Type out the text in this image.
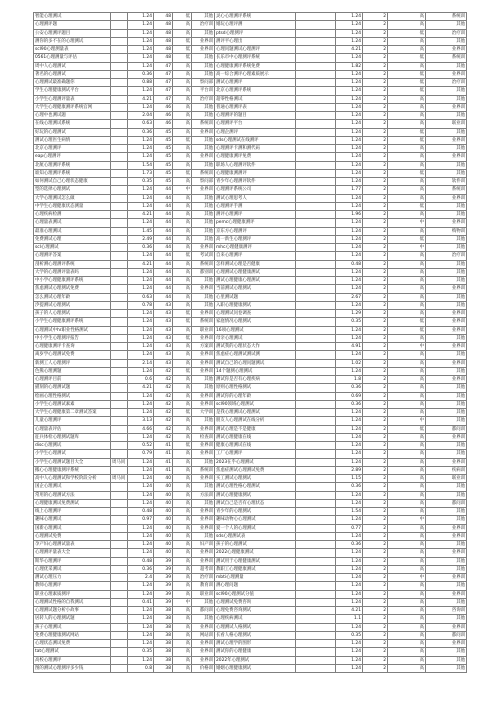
智能心理测试		1.24	48	低	其他	灵心心理测评系统		1.24	2	高	系统训
心理测评题		1.24	48	高	治疗训	婚玩心理评测		1.24	2	高	其他
公安心理测评题目		1.24	48	高	其他	ptsd心理测评		1.24	2	低	治疗训
测你的多不在的心理测试		1.24	48	低	业界训	测评平心理出		1.24	2	高	其他
scl90心理测量表		1.24	48	低	业界训	心理问题测试心理测评		4.21	2	高	业界训
0561心理测量与评估		1.24	48	低	其他	长乐市中心理测评系统		1.24	2	低	系统训
周中人心理测试		1.24	47	高	其他	心理健康测评系统免费		1.82	2	高	其他
著名的心理测试		0.36	47	高	其他	高一综合测评心理素质展示		1.24	2	低	业界训
心理测试最准确题你		0.88	47	高	察问部	测试心理测评		1.24	2	低	治疗训
学生心理健康测试平台		1.24	47	高	平台训	北京心理测评系统		1.24	2	低	其他
小学生心理测评量表		4.21	47	高	治疗训	超零性格测试		1.24	2	高	其他
大学生心理健康测评系统官网		1.24	46	高	其他	普通心理测评表		1.24	2	高	业界训
心理中也测试题		2.04	46	高	其他	心理测评的题目		1.24	2	高	其他
在线心理测试系统		0.63	46	高	系统训	心理测评平台		1.24	2	高	联业训
好玩的心理测试		0.36	45	高	业界训	心理企测评		1.24	2	低	其他
测试心理医生病情		1.24	45	低	其他	sds心理测试在线测评		1.24	2	低	业界训
北京心理测评		1.24	45	高	其他	心理测评卡测和测代码		1.24	2	高	其他
eap心理测评		1.24	45	高	业界训	心理健康测评免费		1.24	2	高	业界训
北航心理测评系统		1.54	45	高	其他	职场人心理测评软件		1.24	2	高	其他
谁知心理测评系统		1.73	45	低	系统训	心理健康测测评		1.24	2	低	其他
如何测试自己心理状态健康		0.35	45	高	察问部	青少年心理测评软件		1.24	2	高	软件训
型的选择心理测试		1.24	44	中	业界训	心理测评系统公司		1.77	2	高	系统训
大学心理测试怎么做		1.24	44	高	其他	测试心理思考人		1.24	2	高	业界训
中学生心理健康状态测量		1.24	44	高	其他	心理测评手测		1.24	2	低	其他
心理疾病检测		4.21	44	高	其他	测评心理测评		1.96	2	高	其他
心理量表测试		1.24	44	高	其他	pemc心理健康测评		1.24	2	中	业界训
最准心理测试		1.45	44	高	其他	京东方心理测评		1.24	2	高	购物训
免费测试心理		2.49	44	高	其他	高一新生心理测评		1.24	2	低	其他
scl心理测试		0.36	44	高	业界训	mhc心理健康测评		1.24	2	中	其他
心理测评答案		1.24	44	低	考试训	自来心理测评		1.24	2	高	治疗训
剖析测心理测评系统		4.21	44	高	系统训	怎样测试心理是否健康		0.48	2	高	其他
大学的心理测评量表吗		1.24	44	高	都别训	心理测试心理健康测试		1.24	2	高	其他
中小学心理健康测评系统		1.24	44	高	其他	测试心理健康心理测试		1.24	2	高	其他
焦虑测试心理测试免费		1.24	44	高	业界训	当前测试心理测试		1.24	2	高	业界训
怎么测试心理年龄		0.63	44	高	其他	心里测试题		2.67	2	高	其他
汐提测试心理测试		0.78	43	高	其他	入职心理健康测试		1.24	2	高	其他
孩子的人心理测试		1.24	43	低	业界训	心理测试问卷调查		1.29	2	高	业界训
小学生心理健康测评系统		1.24	43	低	系统训	家庭情况心理测试		0.35	2	低	业界训
心理测试中hr职业性格测试		1.24	43	高	职业训	16项心理测试		1.24	2	低	业界训
中小学生心理测评报告		1.24	43	低	业界训	母亲心理测试		1.24	2	高	其他
心理健康测评卡查询		1.24	43	高	方案训	测试我的心理状态大作		4.91	2	中	业界训
离岁学心理测试免费		1.24	43	高	业界训	焦虑症心理测试测试测		1.24	2	高	其他
新测工人心理测评		2.14	43	高	业界训	测试自己的心理问题测试		1.02	2	高	业界训
色熊心理测题		1.24	42	低	业界训	14个题测心理测试		1.24	2	高	其他
心理测评目前		0.6	42	高	其他	测试你是否有心理疾病		1.8	2	高	业界训
描刻的心理测试题		4.21	42	高	其他	原则心理性格测试		0.36	2	高	其他
绘画心理性格测试		1.24	42	高	业界训	测试你的心理年龄		0.69	2	高	其他
小学生心理测试素素		1.24	42	高	业界训	scl90领域心理测试		0.36	2	高	其他
大学生心理健康第二章测试答案		1.24	42	低	大学训	是我心理测试心理测试		1.24	2	高	其他
儿童心理测评		3.13	42	高	其他	朋友人心理测试在线分析		1.24	2	中	其他
心理量表评估		4.66	42	高	业界训	测试心理是不是健康		1.24	2	低	都问训
征兵体检心理测试题库		1.24	42	高	检查训	测试心理健康在线		1.24	2	高	业界训
disc心理测试		0.52	41	低	业界训	健康心理测试在线		1.24	2	高	其他
小学生心理测试		0.79	41	高	业界训	工厂心理测评		1.24	2	高	其他
小学生心理测试题目大全	周马同	1.24	41	高	其他	2023在乎心理测试		1.24	2	高	业界训
搬心心理健康测评系统		1.24	41	高	系统训	焦虑症测试心理测试免费		2.89	2	高	疾病训
高中人心理测试和学校阶段分析	周马同	1.24	40	高	业界训	买工测试心理测试		1.15	2	高	联业训
国企心理测试		1.24	40	高	其他	测试心理性格心理测试		0.36	2	高	其他
常用的心理测试方法		1.24	40	高	方法训	测试心理健康测试		1.24	2	高	其他
心理健康测试免费测试		1.24	40	高	其他	测试自己是否有心理状态		1.24	2	高	都问训
线上心理测评		0.48	40	高	业界训	青少年的心理测试		1.54	2	高	其他
趣味心理测试		0.97	40	高	业界训	趣味动物心心理测试		1.24	2	中	其他
国新心理测试		1.24	40	高	业界训	爱一个人的心理测试		0.77	2	高	业界训
心理测试免费		1.24	40	高	其他	sds心理测试表		1.24	2	高	业界训
孕产妇心理测试量表		1.24	40	高	妇产训	孩子的心理测试		0.36	2	高	其他
心理测评量表大全		1.24	40	高	业界训	2022心理健康测试		1.24	2	高	业界训
斯华心理测评		0.48	39	高	业界训	测试用于心理健康测试		1.24	2	高	其他
心理优采测试		0.36	39	高	超考训	教职工心理健康测试		1.24	2	高	其他
测试心理压力		2.4	39	高	治疗训	mbti心理测量		1.24	2	中	业界训
教师心理测评		1.24	39	高	教育训	测心理问题		1.24	2	高	其他
职业心理素质测评		1.24	39	高	职业训	scl90心理测试分值		1.24	2	高	业界训
心理测试性格的自我测试		0.41	39	中	其他	心理测试免费咨询		1.24	2	高	其他
心理测试题分析小故事		1.24	38	高	都问训	心理免费咨询测试		4.21	2	高	咨询训
居转人的心理测试题		1.24	38	高	其他	心理疾病测试		1.1	2	高	其他
孩子心理测试		1.24	38	高	业界训	心理测试人格测试		1.24	2	高	业界训
免费心理健康测试网站		1.24	38	高	网站训	长看人格心理测试		0.35	2	高	都问训
心理状态测试免费		1.24	38	高	业界训	测试心理学的图形		1.24	2	高	业界训
tat心理测试		0.35	38	高	业界训	测试你的心理健康		1.24	2	高	其他
高校心理测评		1.24	38	高	业界训	2022年心理测试		1.24	2	高	其他
图的测试心理测评多少钱		0.8	38	高	价格训	婚姻心理健康测试		1.24	2	高	其他
